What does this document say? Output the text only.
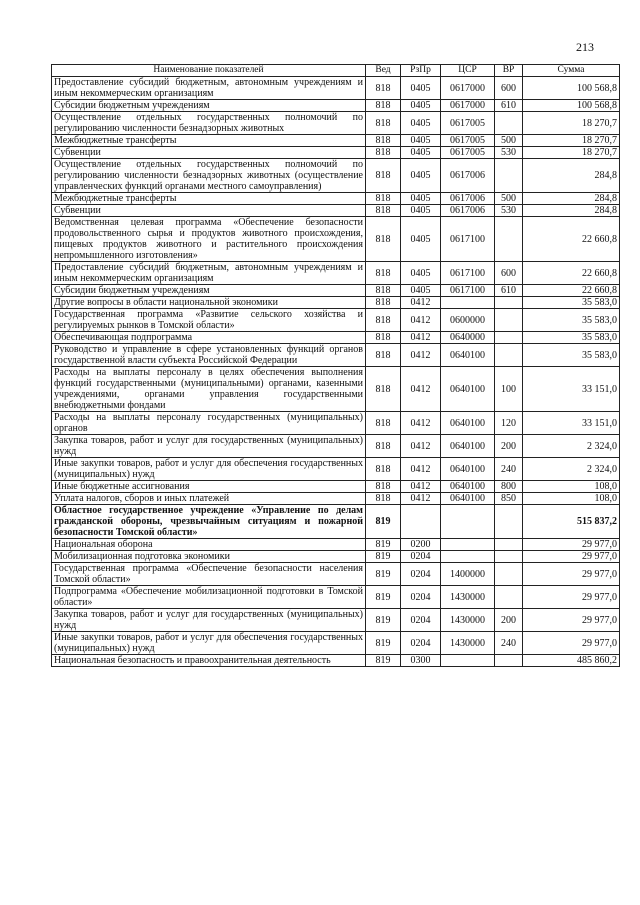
213
Наименование показателей	Вед	РзПр	ЦСР	ВР	Сумма
Предоставление субсидий бюджетным, автономным учреждениям и иным некоммерческим организациям	818	0405	0617000	600	100 568,8
Субсидии бюджетным учреждениям	818	0405	0617000	610	100 568,8
Осуществление отдельных государственных полномочий по регулированию численности безнадзорных животных	818	0405	0617005		18 270,7
Межбюджетные трансферты	818	0405	0617005	500	18 270,7
Субвенции	818	0405	0617005	530	18 270,7
Осуществление отдельных государственных полномочий по регулированию численности безнадзорных животных (осуществление управленческих функций органами местного самоуправления)	818	0405	0617006		284,8
Межбюджетные трансферты	818	0405	0617006	500	284,8
Субвенции	818	0405	0617006	530	284,8
Ведомственная целевая программа «Обеспечение безопасности продовольственного сырья и продуктов животного происхождения, пищевых продуктов животного и растительного происхождения непромышленного изготовления»	818	0405	0617100		22 660,8
Предоставление субсидий бюджетным, автономным учреждениям и иным некоммерческим организациям	818	0405	0617100	600	22 660,8
Субсидии бюджетным учреждениям	818	0405	0617100	610	22 660,8
Другие вопросы в области национальной экономики	818	0412			35 583,0
Государственная программа «Развитие сельского хозяйства и регулируемых рынков в Томской области»	818	0412	0600000		35 583,0
Обеспечивающая подпрограмма	818	0412	0640000		35 583,0
Руководство и управление в сфере установленных функций органов государственной власти субъекта Российской Федерации	818	0412	0640100		35 583,0
Расходы на выплаты персоналу в целях обеспечения выполнения функций государственными (муниципальными) органами, казенными учреждениями, органами управления государственными внебюджетными фондами	818	0412	0640100	100	33 151,0
Расходы на выплаты персоналу государственных (муниципальных) органов	818	0412	0640100	120	33 151,0
Закупка товаров, работ и услуг для государственных (муниципальных) нужд	818	0412	0640100	200	2 324,0
Иные закупки товаров, работ и услуг для обеспечения государственных (муниципальных) нужд	818	0412	0640100	240	2 324,0
Иные бюджетные ассигнования	818	0412	0640100	800	108,0
Уплата налогов, сборов и иных платежей	818	0412	0640100	850	108,0
Областное государственное учреждение «Управление по делам гражданской обороны, чрезвычайным ситуациям и пожарной безопасности Томской области»	819				515 837,2
Национальная оборона	819	0200			29 977,0
Мобилизационная подготовка экономики	819	0204			29 977,0
Государственная программа «Обеспечение безопасности населения Томской области»	819	0204	1400000		29 977,0
Подпрограмма «Обеспечение мобилизационной подготовки в Томской области»	819	0204	1430000		29 977,0
Закупка товаров, работ и услуг для государственных (муниципальных) нужд	819	0204	1430000	200	29 977,0
Иные закупки товаров, работ и услуг для обеспечения государственных (муниципальных) нужд	819	0204	1430000	240	29 977,0
Национальная безопасность и правоохранительная деятельность	819	0300			485 860,2
